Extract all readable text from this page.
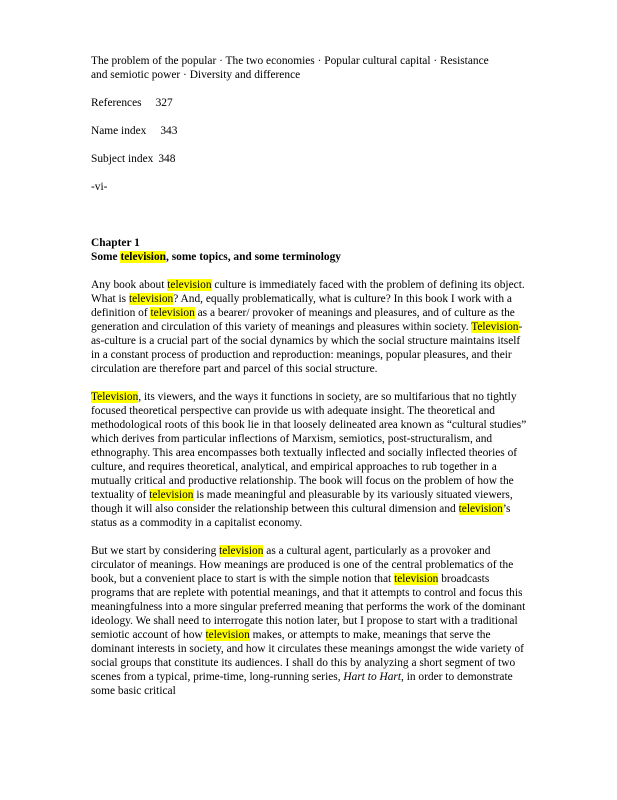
The problem of the popular · The two economies · Popular cultural capital · Resistance
and semiotic power · Diversity and difference

References 327
Name index 343
Subject index 348
-vi-
Chapter 1
Some television, some topics, and some terminology

Any book about television culture is immediately faced with the problem of defining its object. What is television? And, equally problematically, what is culture? In this book I work with a definition of television as a bearer/ provoker of meanings and pleasures, and of culture as the generation and circulation of this variety of meanings and pleasures within society. Television-as-culture is a crucial part of the social dynamics by which the social structure maintains itself in a constant process of production and reproduction: meanings, popular pleasures, and their circulation are therefore part and parcel of this social structure.

Television, its viewers, and the ways it functions in society, are so multifarious that no tightly focused theoretical perspective can provide us with adequate insight. The theoretical and methodological roots of this book lie in that loosely delineated area known as “cultural studies” which derives from particular inflections of Marxism, semiotics, post-structuralism, and ethnography. This area encompasses both textually inflected and socially inflected theories of culture, and requires theoretical, analytical, and empirical approaches to rub together in a mutually critical and productive relationship. The book will focus on the problem of how the textuality of television is made meaningful and pleasurable by its variously situated viewers, though it will also consider the relationship between this cultural dimension and television’s status as a commodity in a capitalist economy.

But we start by considering television as a cultural agent, particularly as a provoker and circulator of meanings. How meanings are produced is one of the central problematics of the book, but a convenient place to start is with the simple notion that television broadcasts programs that are replete with potential meanings, and that it attempts to control and focus this meaningfulness into a more singular preferred meaning that performs the work of the dominant ideology. We shall need to interrogate this notion later, but I propose to start with a traditional semiotic account of how television makes, or attempts to make, meanings that serve the dominant interests in society, and how it circulates these meanings amongst the wide variety of social groups that constitute its audiences. I shall do this by analyzing a short segment of two scenes from a typical, prime-time, long-running series, Hart to Hart, in order to demonstrate some basic critical
